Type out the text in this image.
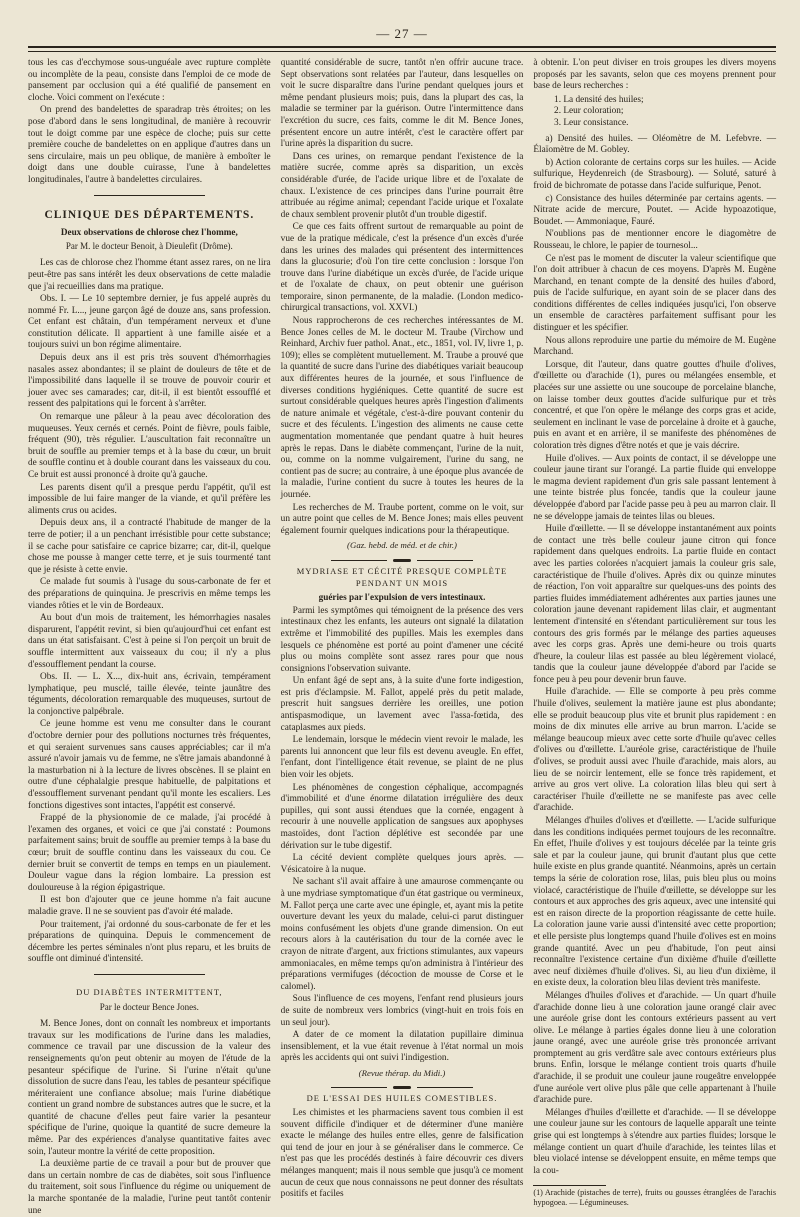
— 27 —

tous les cas d'ecchymose sous-unguéale avec rupture complète ou incomplète de la peau, consiste dans l'emploi de ce mode de pansement par occlusion qui a été qualifié de pansement en cloche. Voici comment on l'exécute :

On prend des bandelettes de sparadrap très étroites; on les pose d'abord dans le sens longitudinal, de manière à recouvrir tout le doigt comme par une espèce de cloche; puis sur cette première couche de bandelettes on en applique d'autres dans un sens circulaire, mais un peu oblique, de manière à emboîter le doigt dans une double cuirasse, l'une à bandelettes longitudinales, l'autre à bandelettes circulaires.

CLINIQUE DES DÉPARTEMENTS.
Deux observations de chlorose chez l'homme,
Par M. le docteur Benoit, à Dieulefit (Drôme).

Les cas de chlorose chez l'homme étant assez rares, on ne lira peut-être pas sans intérêt les deux observations de cette maladie que j'ai recueillies dans ma pratique.

Obs. I. — Le 10 septembre dernier, je fus appelé auprès du nommé Fr. L..., jeune garçon âgé de douze ans, sans profession. Cet enfant est châtain, d'un tempérament nerveux et d'une constitution délicate. Il appartient à une famille aisée et a toujours suivi un bon régime alimentaire.

Depuis deux ans il est pris très souvent d'hémorrhagies nasales assez abondantes; il se plaint de douleurs de tête et de l'impossibilité dans laquelle il se trouve de pouvoir courir et jouer avec ses camarades; car, dit-il, il est bientôt essoufflé et ressent des palpitations qui le forcent à s'arrêter.

On remarque une pâleur à la peau avec décoloration des muqueuses. Yeux cernés et cernés. Point de fièvre, pouls faible, fréquent (90), très régulier. L'auscultation fait reconnaître un bruit de souffle au premier temps et à la base du cœur, un bruit de souffle continu et à double courant dans les vaisseaux du cou. Ce bruit est aussi prononcé à droite qu'à gauche.

Les parents disent qu'il a presque perdu l'appétit, qu'il est impossible de lui faire manger de la viande, et qu'il préfère les aliments crus ou acides.

Depuis deux ans, il a contracté l'habitude de manger de la terre de potier; il a un penchant irrésistible pour cette substance; il se cache pour satisfaire ce caprice bizarre; car, dit-il, quelque chose me pousse à manger cette terre, et je suis tourmenté tant que je résiste à cette envie.

Ce malade fut soumis à l'usage du sous-carbonate de fer et des préparations de quinquina. Je prescrivis en même temps les viandes rôties et le vin de Bordeaux.

Au bout d'un mois de traitement, les hémorrhagies nasales disparurent, l'appétit revint, si bien qu'aujourd'hui cet enfant est dans un état satisfaisant. C'est à peine si l'on perçoit un bruit de souffle intermittent aux vaisseaux du cou; il n'y a plus d'essoufflement pendant la course.

Obs. II. — L. X..., dix-huit ans, écrivain, tempérament lymphatique, peu musclé, taille élevée, teinte jaunâtre des téguments, décoloration remarquable des muqueuses, surtout de la conjonctive palpébrale.

Ce jeune homme est venu me consulter dans le courant d'octobre dernier pour des pollutions nocturnes très fréquentes, et qui seraient survenues sans causes appréciables; car il m'a assuré n'avoir jamais vu de femme, ne s'être jamais abandonné à la masturbation ni à la lecture de livres obscènes. Il se plaint en outre d'une céphalalgie presque habituelle, de palpitations et d'essoufflement survenant pendant qu'il monte les escaliers. Les fonctions digestives sont intactes, l'appétit est conservé.

Frappé de la physionomie de ce malade, j'ai procédé à l'examen des organes, et voici ce que j'ai constaté : Poumons parfaitement sains; bruit de souffle au premier temps à la base du cœur; bruit de souffle continu dans les vaisseaux du cou. Ce dernier bruit se convertit de temps en temps en un piaulement. Douleur vague dans la région lombaire. La pression est douloureuse à la région épigastrique.

Il est bon d'ajouter que ce jeune homme n'a fait aucune maladie grave. Il ne se souvient pas d'avoir été malade.

Pour traitement, j'ai ordonné du sous-carbonate de fer et les préparations de quinquina. Depuis le commencement de décembre les pertes séminales n'ont plus reparu, et les bruits de souffle ont diminué d'intensité.

DU DIABÈTES INTERMITTENT,
Par le docteur Bence Jones.

M. Bence Jones, dont on connaît les nombreux et importants travaux sur les modifications de l'urine dans les maladies, commence ce travail par une discussion de la valeur des renseignements qu'on peut obtenir au moyen de l'étude de la pesanteur spécifique de l'urine. Si l'urine n'était qu'une dissolution de sucre dans l'eau, les tables de pesanteur spécifique mériteraient une confiance absolue; mais l'urine diabétique contient un grand nombre de substances autres que le sucre, et la quantité de chacune d'elles peut faire varier la pesanteur spécifique de l'urine, quoique la quantité de sucre demeure la même. Par des expériences d'analyse quantitative faites avec soin, l'auteur montre la vérité de cette proposition.

La deuxième partie de ce travail a pour but de prouver que dans un certain nombre de cas de diabètes, soit sous l'influence du traitement, soit sous l'influence du régime ou uniquement de la marche spontanée de la maladie, l'urine peut tantôt contenir une

quantité considérable de sucre, tantôt n'en offrir aucune trace. Sept observations sont relatées par l'auteur, dans lesquelles on voit le sucre disparaître dans l'urine pendant quelques jours et même pendant plusieurs mois; puis, dans la plupart des cas, la maladie se terminer par la guérison. Outre l'intermittence dans l'excrétion du sucre, ces faits, comme le dit M. Bence Jones, présentent encore un autre intérêt, c'est le caractère offert par l'urine après la disparition du sucre.

Dans ces urines, on remarque pendant l'existence de la matière sucrée, comme après sa disparition, un excès considérable d'urée, de l'acide urique libre et de l'oxalate de chaux. L'existence de ces principes dans l'urine pourrait être attribuée au régime animal; cependant l'acide urique et l'oxalate de chaux semblent provenir plutôt d'un trouble digestif.

Ce que ces faits offrent surtout de remarquable au point de vue de la pratique médicale, c'est la présence d'un excès d'urée dans les urines des malades qui présentent des intermittences dans la glucosurie; d'où l'on tire cette conclusion : lorsque l'on trouve dans l'urine diabétique un excès d'urée, de l'acide urique et de l'oxalate de chaux, on peut obtenir une guérison temporaire, sinon permanente, de la maladie. (London medico-chirurgical transactions, vol. XXVI.)

Nous rapprocherons de ces recherches intéressantes de M. Bence Jones celles de M. le docteur M. Traube (Virchow und Reinhard, Archiv fuer pathol. Anat., etc., 1851, vol. IV, livre 1, p. 109); elles se complètent mutuellement. M. Traube a prouvé que la quantité de sucre dans l'urine des diabétiques variait beaucoup aux différentes heures de la journée, et sous l'influence de diverses conditions hygiéniques. Cette quantité de sucre est surtout considérable quelques heures après l'ingestion d'aliments de nature animale et végétale, c'est-à-dire pouvant contenir du sucre et des féculents. L'ingestion des aliments ne cause cette augmentation momentanée que pendant quatre à huit heures après le repas. Dans le diabète commençant, l'urine de la nuit, ou, comme on la nomme vulgairement, l'urine du sang, ne contient pas de sucre; au contraire, à une époque plus avancée de la maladie, l'urine contient du sucre à toutes les heures de la journée.

Les recherches de M. Traube portent, comme on le voit, sur un autre point que celles de M. Bence Jones; mais elles peuvent également fournir quelques indications pour la thérapeutique.

(Gaz. hebd. de méd. et de chir.)
MYDRIASE ET CÉCITÉ PRESQUE COMPLÈTE PENDANT UN MOIS
guéries par l'expulsion de vers intestinaux.

Parmi les symptômes qui témoignent de la présence des vers intestinaux chez les enfants, les auteurs ont signalé la dilatation extrême et l'immobilité des pupilles. Mais les exemples dans lesquels ce phénomène est porté au point d'amener une cécité plus ou moins complète sont assez rares pour que nous consignions l'observation suivante.

Un enfant âgé de sept ans, à la suite d'une forte indigestion, est pris d'éclampsie. M. Fallot, appelé près du petit malade, prescrit huit sangsues derrière les oreilles, une potion antispasmodique, un lavement avec l'assa-fœtida, des cataplasmes aux pieds.

Le lendemain, lorsque le médecin vient revoir le malade, les parents lui annoncent que leur fils est devenu aveugle. En effet, l'enfant, dont l'intelligence était revenue, se plaint de ne plus bien voir les objets.

Les phénomènes de congestion céphalique, accompagnés d'immobilité et d'une énorme dilatation irrégulière des deux pupilles, qui sont aussi étendues que la cornée, engagent à recourir à une nouvelle application de sangsues aux apophyses mastoïdes, dont l'action déplétive est secondée par une dérivation sur le tube digestif.

La cécité devient complète quelques jours après. — Vésicatoire à la nuque.

Ne sachant s'il avait affaire à une amaurose commençante ou à une mydriase symptomatique d'un état gastrique ou vermineux, M. Fallot perça une carte avec une épingle, et, ayant mis la petite ouverture devant les yeux du malade, celui-ci parut distinguer moins confusément les objets d'une grande dimension. On eut recours alors à la cautérisation du tour de la cornée avec le crayon de nitrate d'argent, aux frictions stimulantes, aux vapeurs ammoniacales, en même temps qu'on administra à l'intérieur des préparations vermifuges (décoction de mousse de Corse et le calomel).

Sous l'influence de ces moyens, l'enfant rend plusieurs jours de suite de nombreux vers lombrics (vingt-huit en trois fois en un seul jour).

A dater de ce moment la dilatation pupillaire diminua insensiblement, et la vue était revenue à l'état normal un mois après les accidents qui ont suivi l'indigestion.

(Revue thérap. du Midi.)
DE L'ESSAI DES HUILES COMESTIBLES.

Les chimistes et les pharmaciens savent tous combien il est souvent difficile d'indiquer et de déterminer d'une manière exacte le mélange des huiles entre elles, genre de falsification qui tend de jour en jour à se généraliser dans le commerce. Ce n'est pas que les procédés destinés à faire découvrir ces divers mélanges manquent; mais il nous semble que jusqu'à ce moment aucun de ceux que nous connaissons ne peut donner des résultats positifs et faciles

à obtenir. L'on peut diviser en trois groupes les divers moyens proposés par les savants, selon que ces moyens prennent pour base de leurs recherches :

1. La densité des huiles;
2. Leur coloration;
3. Leur consistance.

a) Densité des huiles. — Oléomètre de M. Lefebvre. — Élaïomètre de M. Gobley.

b) Action colorante de certains corps sur les huiles. — Acide sulfurique, Heydenreich (de Strasbourg). — Soluté, saturé à froid de bichromate de potasse dans l'acide sulfurique, Penot.

c) Consistance des huiles déterminée par certains agents. — Nitrate acide de mercure, Poutet. — Acide hypoazotique, Boudet. — Ammoniaque, Fauré.

N'oublions pas de mentionner encore le diagomètre de Rousseau, le chlore, le papier de tournesol...

Ce n'est pas le moment de discuter la valeur scientifique que l'on doit attribuer à chacun de ces moyens. D'après M. Eugène Marchand, en tenant compte de la densité des huiles d'abord, puis de l'acide sulfurique, en ayant soin de se placer dans des conditions différentes de celles indiquées jusqu'ici, l'on observe un ensemble de caractères parfaitement suffisant pour les distinguer et les spécifier.

Nous allons reproduire une partie du mémoire de M. Eugène Marchand.

Lorsque, dit l'auteur, dans quatre gouttes d'huile d'olives, d'œillette ou d'arachide (1), pures ou mélangées ensemble, et placées sur une assiette ou une soucoupe de porcelaine blanche, on laisse tomber deux gouttes d'acide sulfurique pur et très concentré, et que l'on opère le mélange des corps gras et acide, seulement en inclinant le vase de porcelaine à droite et à gauche, puis en avant et en arrière, il se manifeste des phénomènes de coloration très dignes d'être notés et que je vais décrire.

Huile d'olives. — Aux points de contact, il se développe une couleur jaune tirant sur l'orangé. La partie fluide qui enveloppe le magma devient rapidement d'un gris sale passant lentement à une teinte bistrée plus foncée, tandis que la couleur jaune développée d'abord par l'acide passe peu à peu au marron clair. Il ne se développe jamais de teintes lilas ou bleues.

Huile d'œillette. — Il se développe instantanément aux points de contact une très belle couleur jaune citron qui fonce rapidement dans quelques endroits. La partie fluide en contact avec les parties colorées n'acquiert jamais la couleur gris sale, caractéristique de l'huile d'olives. Après dix ou quinze minutes de réaction, l'on voit apparaître sur quelques-uns des points des parties fluides immédiatement adhérentes aux parties jaunes une coloration jaune devenant rapidement lilas clair, et augmentant lentement d'intensité en s'étendant particulièrement sur tous les contours des gris formés par le mélange des parties aqueuses avec les corps gras. Après une demi-heure ou trois quarts d'heure, la couleur lilas est passée au bleu légèrement violacé, tandis que la couleur jaune développée d'abord par l'acide se fonce peu à peu pour devenir brun fauve.

Huile d'arachide. — Elle se comporte à peu près comme l'huile d'olives, seulement la matière jaune est plus abondante; elle se produit beaucoup plus vite et brunit plus rapidement : en moins de dix minutes elle arrive au brun marron. L'acide se mélange beaucoup mieux avec cette sorte d'huile qu'avec celles d'olives ou d'œillette. L'auréole grise, caractéristique de l'huile d'olives, se produit aussi avec l'huile d'arachide, mais alors, au lieu de se noircir lentement, elle se fonce très rapidement, et arrive au gros vert olive. La coloration lilas bleu qui sert à caractériser l'huile d'œillette ne se manifeste pas avec celle d'arachide.

Mélanges d'huiles d'olives et d'œillette. — L'acide sulfurique dans les conditions indiquées permet toujours de les reconnaître. En effet, l'huile d'olives y est toujours décelée par la teinte gris sale et par la couleur jaune, qui brunit d'autant plus que cette huile existe en plus grande quantité. Néanmoins, après un certain temps la série de coloration rose, lilas, puis bleu plus ou moins violacé, caractéristique de l'huile d'œillette, se développe sur les contours et aux approches des gris aqueux, avec une intensité qui est en raison directe de la proportion réagissante de cette huile. La coloration jaune varie aussi d'intensité avec cette proportion; et elle persiste plus longtemps quand l'huile d'olives est en moins grande quantité. Avec un peu d'habitude, l'on peut ainsi reconnaître l'existence certaine d'un dixième d'huile d'œillette avec neuf dixièmes d'huile d'olives. Si, au lieu d'un dixième, il en existe deux, la coloration bleu lilas devient très manifeste.

Mélanges d'huiles d'olives et d'arachide. — Un quart d'huile d'arachide donne lieu à une coloration jaune orangé clair avec une auréole grise dont les contours extérieurs passent au vert olive. Le mélange à parties égales donne lieu à une coloration jaune orangé, avec une auréole grise très prononcée arrivant promptement au gris verdâtre sale avec contours extérieurs plus bruns. Enfin, lorsque le mélange contient trois quarts d'huile d'arachide, il se produit une couleur jaune rougeâtre enveloppée d'une auréole vert olive plus pâle que celle appartenant à l'huile d'arachide pure.

Mélanges d'huiles d'œillette et d'arachide. — Il se développe une couleur jaune sur les contours de laquelle apparaît une teinte grise qui est longtemps à s'étendre aux parties fluides; lorsque le mélange contient un quart d'huile d'arachide, les teintes lilas et bleu violacé intense se développent ensuite, en même temps que la cou-

(1) Arachide (pistaches de terre), fruits ou gousses étranglées de l'arachis hypogoea. — Légumineuses.
